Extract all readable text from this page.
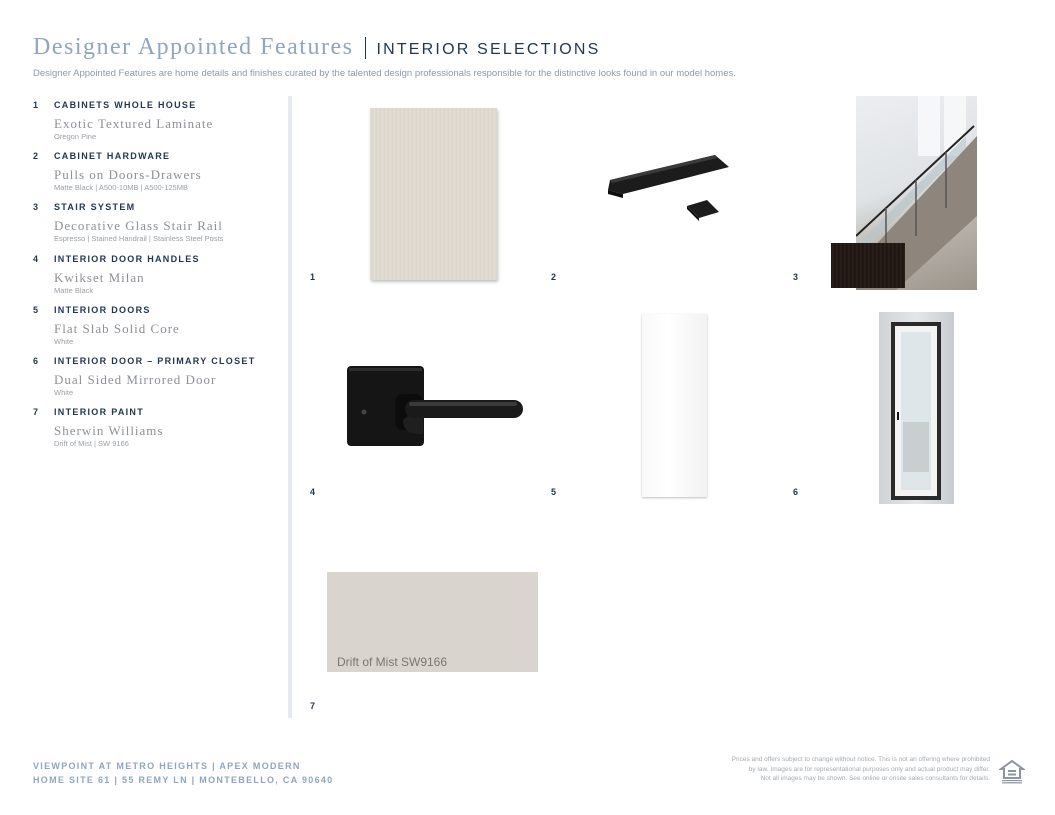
Designer Appointed Features INTERIOR SELECTIONS
Designer Appointed Features are home details and finishes curated by the talented design professionals responsible for the distinctive looks found in our model homes.
1 CABINETS WHOLE HOUSE
Exotic Textured Laminate
Oregon Pine
2 CABINET HARDWARE
Pulls on Doors-Drawers
Matte Black | A500-10MB | A500-125MB
3 STAIR SYSTEM
Decorative Glass Stair Rail
Espresso | Stained Handrail | Stainless Steel Posts
4 INTERIOR DOOR HANDLES
Kwikset Milan
Matte Black
5 INTERIOR DOORS
Flat Slab Solid Core
White
6 INTERIOR DOOR – PRIMARY CLOSET
Dual Sided Mirrored Door
White
7 INTERIOR PAINT
Sherwin Williams
Drift of Mist | SW 9166
1	2	3
4	5	6
Drift of Mist SW9166
7
VIEWPOINT AT METRO HEIGHTS | APEX MODERN
HOME SITE 61 | 55 REMY LN | MONTEBELLO, CA 90640
Prices and offers subject to change without notice. This is not an offering where prohibited
by law. Images are for representational purposes only and actual product may differ.
Not all images may be shown. See online or onsite sales consultants for details.
